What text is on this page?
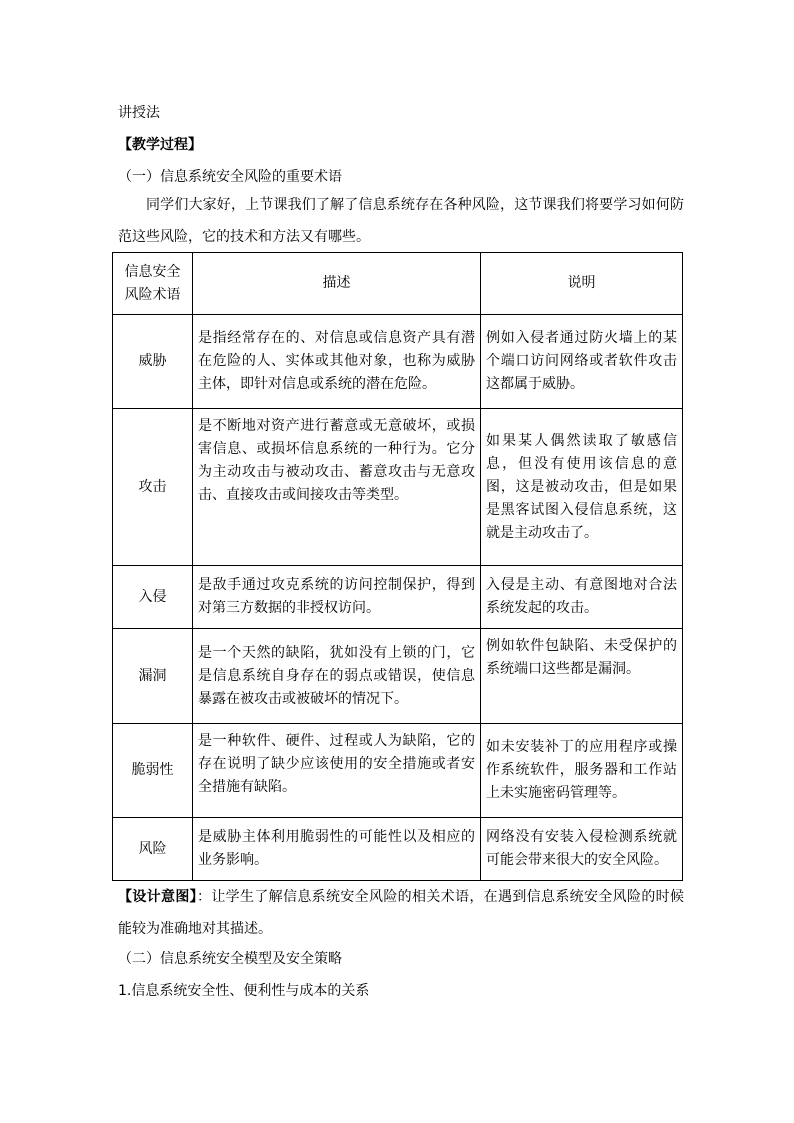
讲授法
【教学过程】
（一）信息系统安全风险的重要术语
同学们大家好，上节课我们了解了信息系统存在各种风险，这节课我们将要学习如何防范这些风险，它的技术和方法又有哪些。
信息安全风险术语	描述	说明
威胁	是指经常存在的、对信息或信息资产具有潜在危险的人、实体或其他对象，也称为威胁主体，即针对信息或系统的潜在危险。	例如入侵者通过防火墙上的某个端口访问网络或者软件攻击这都属于威胁。
攻击	是不断地对资产进行蓄意或无意破坏，或损害信息、或损坏信息系统的一种行为。它分为主动攻击与被动攻击、蓄意攻击与无意攻击、直接攻击或间接攻击等类型。	如果某人偶然读取了敏感信息，但没有使用该信息的意图，这是被动攻击，但是如果是黑客试图入侵信息系统，这就是主动攻击了。
入侵	是敌手通过攻克系统的访问控制保护，得到对第三方数据的非授权访问。	入侵是主动、有意图地对合法系统发起的攻击。
漏洞	是一个天然的缺陷，犹如没有上锁的门，它是信息系统自身存在的弱点或错误，使信息暴露在被攻击或被破坏的情况下。	例如软件包缺陷、未受保护的系统端口这些都是漏洞。
脆弱性	是一种软件、硬件、过程或人为缺陷，它的存在说明了缺少应该使用的安全措施或者安全措施有缺陷。	如未安装补丁的应用程序或操作系统软件，服务器和工作站上未实施密码管理等。
风险	是威胁主体利用脆弱性的可能性以及相应的业务影响。	网络没有安装入侵检测系统就可能会带来很大的安全风险。
【设计意图】：让学生了解信息系统安全风险的相关术语，在遇到信息系统安全风险的时候能较为准确地对其描述。
（二）信息系统安全模型及安全策略
1.信息系统安全性、便利性与成本的关系
